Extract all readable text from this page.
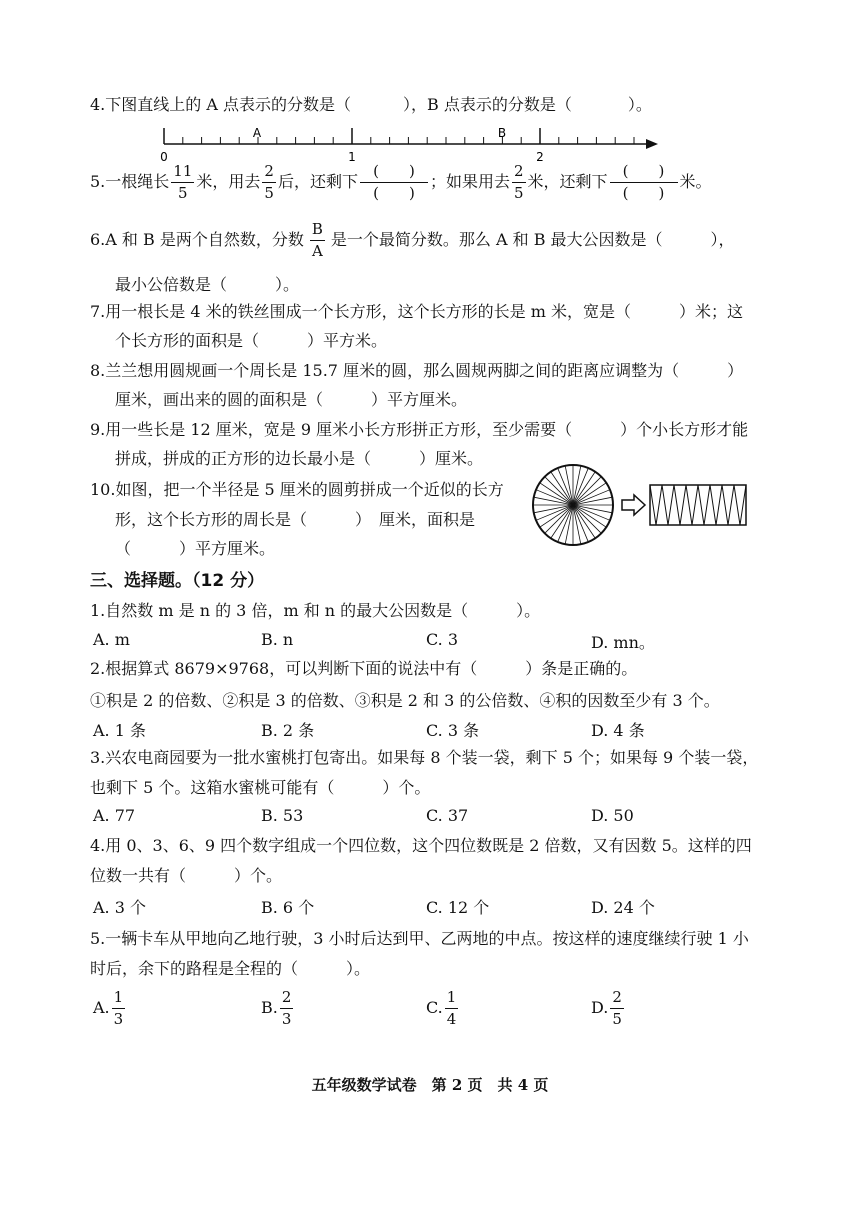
4.下图直线上的 A 点表示的分数是（	），B 点表示的分数是（	）。
0	1	2
A	B
5.一根绳长 $\frac{11}{5}$ 米，用去 $\frac{2}{5}$ 后，还剩下 $\frac{( )}{( )}$ ；如果用去 $\frac{2}{5}$ 米，还剩下 $\frac{( )}{( )}$ 米。
6.A 和 B 是两个自然数，分数 $\frac{B}{A}$ 是一个最简分数。那么 A 和 B 最大公因数是（　　　），
最小公倍数是（　　　）。
7.用一根长是 4 米的铁丝围成一个长方形，这个长方形的长是 m 米，宽是（　　　）米；这
个长方形的面积是（　　　）平方米。
8.兰兰想用圆规画一个周长是 15.7 厘米的圆，那么圆规两脚之间的距离应调整为（　　　）
厘米，画出来的圆的面积是（　　　）平方厘米。
9.用一些长是 12 厘米，宽是 9 厘米小长方形拼正方形，至少需要（　　　）个小长方形才能
拼成，拼成的正方形的边长最小是（　　　）厘米。
10.如图，把一个半径是 5 厘米的圆剪拼成一个近似的长方
形，这个长方形的周长是（　　　）　厘米，面积是
（　　　）平方厘米。
三、选择题。（12 分）
1.自然数 m 是 n 的 3 倍，m 和 n 的最大公因数是（　　　）。
A. m	B. n	C. 3	D. mn。
2.根据算式 8679×9768，可以判断下面的说法中有（　　　）条是正确的。
①积是 2 的倍数、②积是 3 的倍数、③积是 2 和 3 的公倍数、④积的因数至少有 3 个。
A. 1 条	B. 2 条	C. 3 条	D. 4 条
3.兴农电商园要为一批水蜜桃打包寄出。如果每 8 个装一袋，剩下 5 个；如果每 9 个装一袋，
也剩下 5 个。这箱水蜜桃可能有（　　　）个。
A. 77	B. 53	C. 37	D. 50
4.用 0、3、6、9 四个数字组成一个四位数，这个四位数既是 2 倍数，又有因数 5。这样的四
位数一共有（　　　）个。
A. 3 个	B. 6 个	C. 12 个	D. 24 个
5.一辆卡车从甲地向乙地行驶，3 小时后达到甲、乙两地的中点。按这样的速度继续行驶 1 小
时后，余下的路程是全程的（　　　）。
A. $\frac{1}{3}$	B. $\frac{2}{3}$	C. $\frac{1}{4}$	D. $\frac{2}{5}$
五年级数学试卷　第 2 页　共 4 页
